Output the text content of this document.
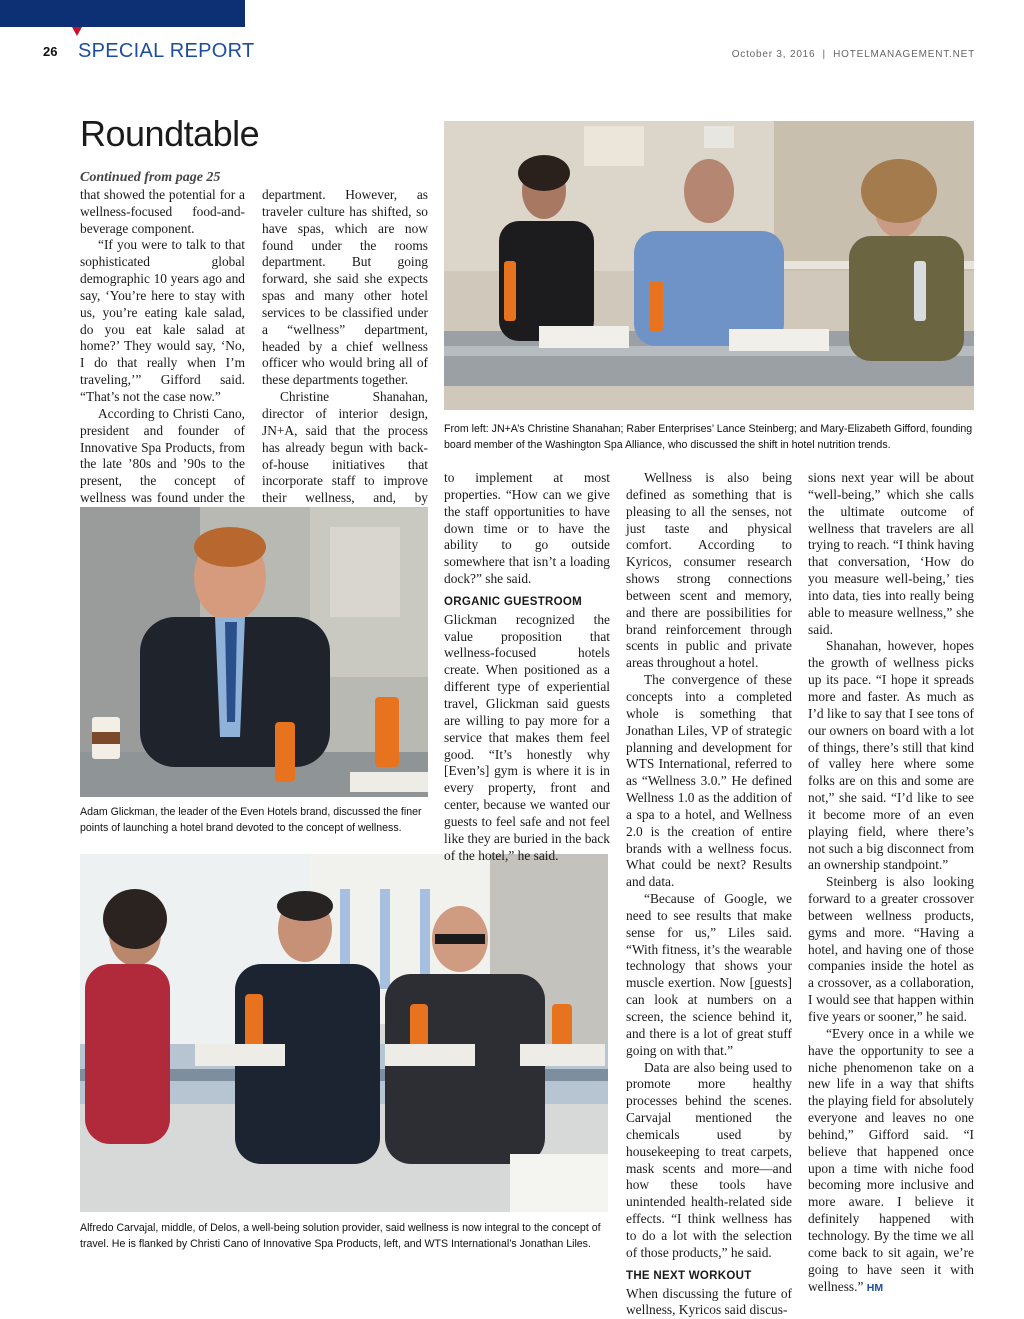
26 SPECIAL REPORT	October 3, 2016  |  HOTELMANAGEMENT.NET
Roundtable

Continued from page 25

that showed the potential for a wellness-focused food-and-beverage component.

“If you were to talk to that sophisticated global demographic 10 years ago and say, ‘You’re here to stay with us, you’re eating kale salad, do you eat kale salad at home?’ They would say, ‘No, I do that really when I’m traveling,’” Gifford said. “That’s not the case now.”

According to Christi Cano, president and founder of Innovative Spa Products, from the late ’80s and ’90s to the present, the concept of wellness was found under the

department. However, as traveler culture has shifted, so have spas, which are now found under the rooms department. But going forward, she said she expects spas and many other hotel services to be classified under a “wellness” department, headed by a chief wellness officer who would bring all of these departments together.

Christine Shanahan, director of interior design, JN+A, said that the process has already begun with back-of-house initiatives that incorporate staff to improve their wellness, and, by

From left: JN+A’s Christine Shanahan; Raber Enterprises’ Lance Steinberg; and Mary-Elizabeth Gifford, founding board member of the Washington Spa Alliance, who discussed the shift in hotel nutrition trends.
Adam Glickman, the leader of the Even Hotels brand, discussed the finer points of launching a hotel brand devoted to the concept of wellness.
Alfredo Carvajal, middle, of Delos, a well-being solution provider, said wellness is now integral to the concept of travel. He is flanked by Christi Cano of Innovative Spa Products, left, and WTS International’s Jonathan Liles.

to implement at most properties. “How can we give the staff opportunities to have down time or to have the ability to go outside somewhere that isn’t a loading dock?” she said.

ORGANIC GUESTROOM

Glickman recognized the value proposition that wellness-focused hotels create. When positioned as a different type of experiential travel, Glickman said guests are willing to pay more for a service that makes them feel good. “It’s honestly why [Even’s] gym is where it is in every property, front and center, because we wanted our guests to feel safe and not feel like they are buried in the back of the hotel,” he said.

Wellness is also being defined as something that is pleasing to all the senses, not just taste and physical comfort. According to Kyricos, consumer research shows strong connections between scent and memory, and there are possibilities for brand reinforcement through scents in public and private areas throughout a hotel.

The convergence of these concepts into a completed whole is something that Jonathan Liles, VP of strategic planning and development for WTS International, referred to as “Wellness 3.0.” He defined Wellness 1.0 as the addition of a spa to a hotel, and Wellness 2.0 is the creation of entire brands with a wellness focus. What could be next? Results and data.

“Because of Google, we need to see results that make sense for us,” Liles said. “With fitness, it’s the wearable technology that shows your muscle exertion. Now [guests] can look at numbers on a screen, the science behind it, and there is a lot of great stuff going on with that.”

Data are also being used to promote more healthy processes behind the scenes. Carvajal mentioned the chemicals used by housekeeping to treat carpets, mask scents and more—and how these tools have unintended health-related side effects. “I think wellness has to do a lot with the selection of those products,” he said.

THE NEXT WORKOUT

When discussing the future of wellness, Kyricos said discus-

sions next year will be about “well-being,” which she calls the ultimate outcome of wellness that travelers are all trying to reach. “I think having that conversation, ‘How do you measure well-being,’ ties into data, ties into really being able to measure wellness,” she said.

Shanahan, however, hopes the growth of wellness picks up its pace. “I hope it spreads more and faster. As much as I’d like to say that I see tons of our owners on board with a lot of things, there’s still that kind of valley here where some folks are on this and some are not,” she said. “I’d like to see it become more of an even playing field, where there’s not such a big disconnect from an ownership standpoint.”

Steinberg is also looking forward to a greater crossover between wellness products, gyms and more. “Having a hotel, and having one of those companies inside the hotel as a crossover, as a collaboration, I would see that happen within five years or sooner,” he said.

“Every once in a while we have the opportunity to see a niche phenomenon take on a new life in a way that shifts the playing field for absolutely everyone and leaves no one behind,” Gifford said. “I believe that happened once upon a time with niche food becoming more inclusive and more aware. I believe it definitely happened with technology. By the time we all come back to sit again, we’re going to have seen it with wellness.” HM
